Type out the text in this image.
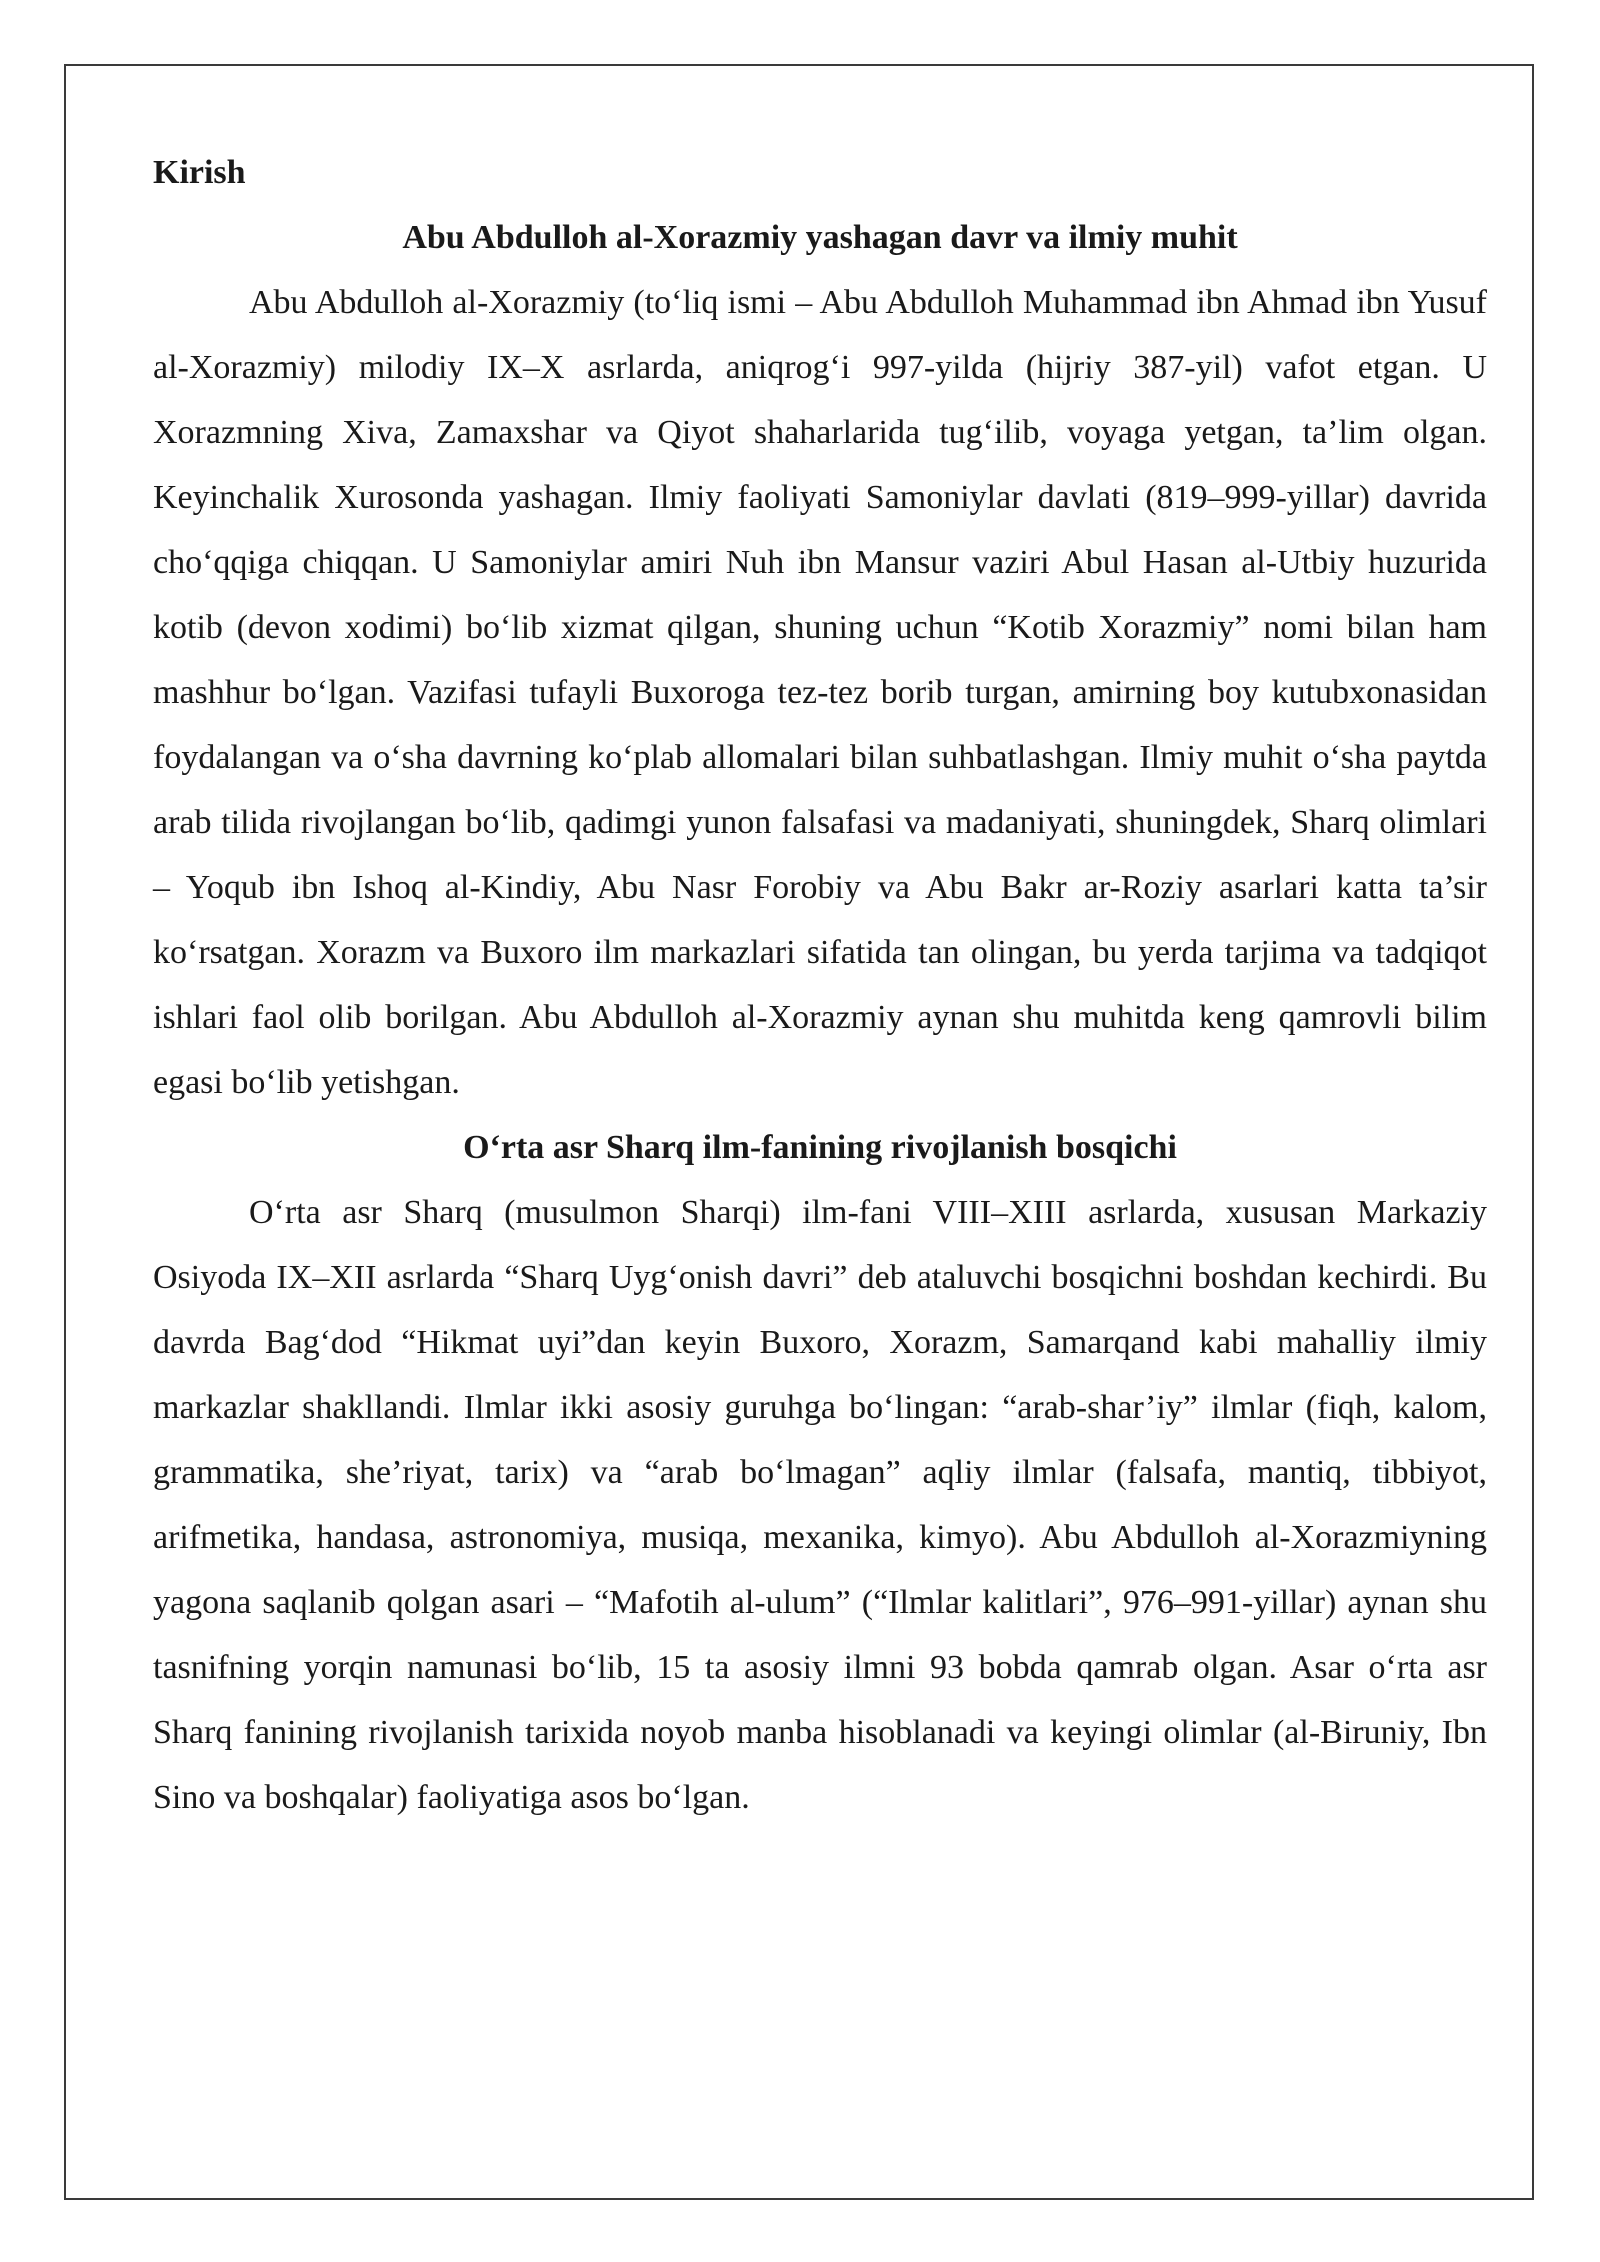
Kirish

Abu Abdulloh al-Xorazmiy yashagan davr va ilmiy muhit

Abu Abdulloh al-Xorazmiy (to‘liq ismi – Abu Abdulloh Muhammad ibn Ahmad ibn Yusuf al-Xorazmiy) milodiy IX–X asrlarda, aniqrog‘i 997-yilda (hijriy 387-yil) vafot etgan. U Xorazmning Xiva, Zamaxshar va Qiyot shaharlarida tug‘ilib, voyaga yetgan, ta’lim olgan. Keyinchalik Xurosonda yashagan. Ilmiy faoliyati Samoniylar davlati (819–999-yillar) davrida cho‘qqiga chiqqan. U Samoniylar amiri Nuh ibn Mansur vaziri Abul Hasan al-Utbiy huzurida kotib (devon xodimi) bo‘lib xizmat qilgan, shuning uchun “Kotib Xorazmiy” nomi bilan ham mashhur bo‘lgan. Vazifasi tufayli Buxoroga tez-tez borib turgan, amirning boy kutubxonasidan foydalangan va o‘sha davrning ko‘plab allomalari bilan suhbatlashgan. Ilmiy muhit o‘sha paytda arab tilida rivojlangan bo‘lib, qadimgi yunon falsafasi va madaniyati, shuningdek, Sharq olimlari – Yoqub ibn Ishoq al-Kindiy, Abu Nasr Forobiy va Abu Bakr ar-Roziy asarlari katta ta’sir ko‘rsatgan. Xorazm va Buxoro ilm markazlari sifatida tan olingan, bu yerda tarjima va tadqiqot ishlari faol olib borilgan. Abu Abdulloh al-Xorazmiy aynan shu muhitda keng qamrovli bilim egasi bo‘lib yetishgan.

O‘rta asr Sharq ilm-fanining rivojlanish bosqichi

O‘rta asr Sharq (musulmon Sharqi) ilm-fani VIII–XIII asrlarda, xususan Markaziy Osiyoda IX–XII asrlarda “Sharq Uyg‘onish davri” deb ataluvchi bosqichni boshdan kechirdi. Bu davrda Bag‘dod “Hikmat uyi”dan keyin Buxoro, Xorazm, Samarqand kabi mahalliy ilmiy markazlar shakllandi. Ilmlar ikki asosiy guruhga bo‘lingan: “arab-shar’iy” ilmlar (fiqh, kalom, grammatika, she’riyat, tarix) va “arab bo‘lmagan” aqliy ilmlar (falsafa, mantiq, tibbiyot, arifmetika, handasa, astronomiya, musiqa, mexanika, kimyo). Abu Abdulloh al-Xorazmiyning yagona saqlanib qolgan asari – “Mafotih al-ulum” (“Ilmlar kalitlari”, 976–991-yillar) aynan shu tasnifning yorqin namunasi bo‘lib, 15 ta asosiy ilmni 93 bobda qamrab olgan. Asar o‘rta asr Sharq fanining rivojlanish tarixida noyob manba hisoblanadi va keyingi olimlar (al-Biruniy, Ibn Sino va boshqalar) faoliyatiga asos bo‘lgan.
